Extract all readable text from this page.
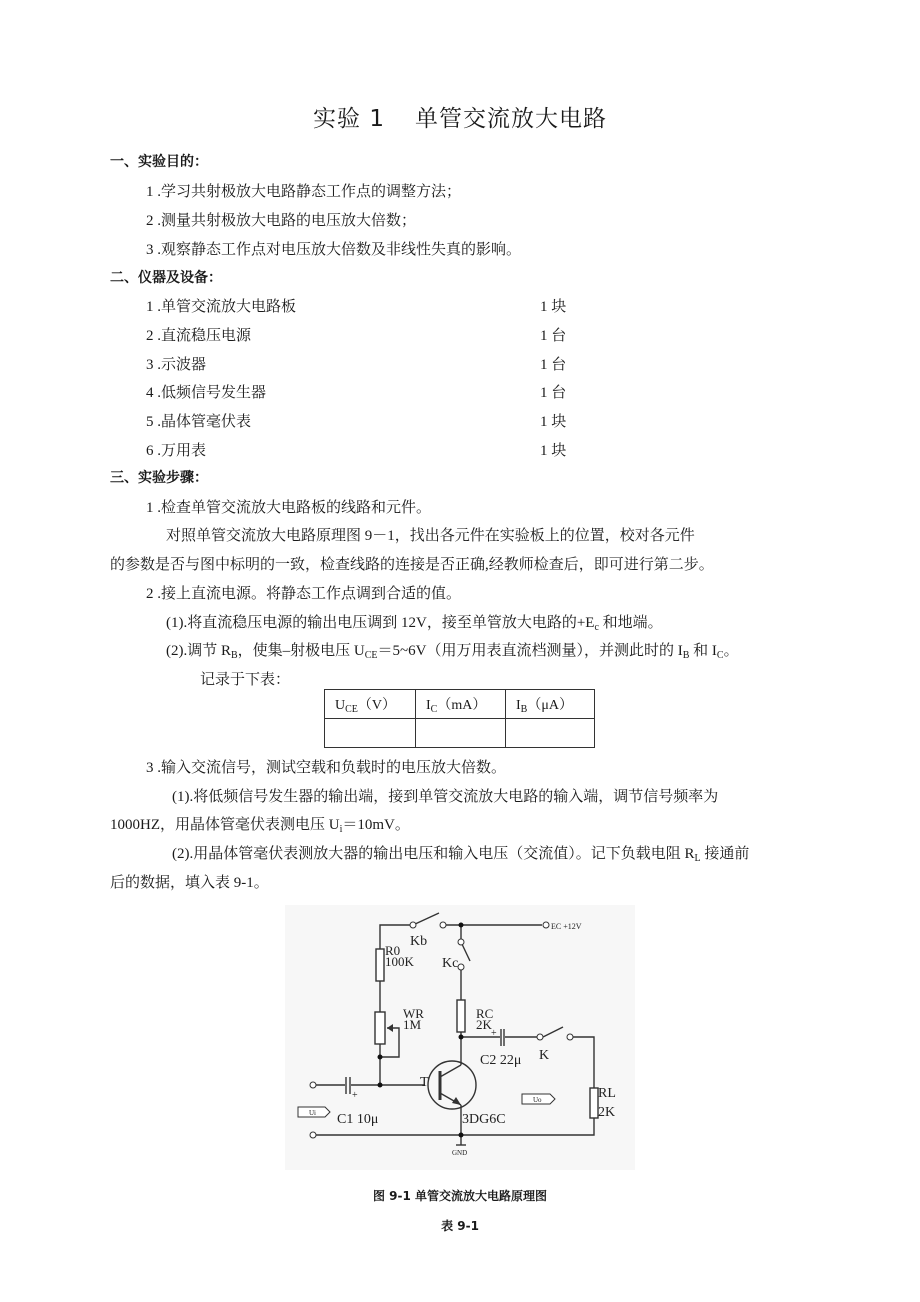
实验 1 单管交流放大电路
一、实验目的：
1 .学习共射极放大电路静态工作点的调整方法；
2 .测量共射极放大电路的电压放大倍数；
3 .观察静态工作点对电压放大倍数及非线性失真的影响。
二、仪器及设备：
1 .单管交流放大电路板	1 块
2 .直流稳压电源	1 台
3 .示波器	1 台
4 .低频信号发生器	1 台
5 .晶体管毫伏表	1 块
6 .万用表	1 块
三、实验步骤：
1 .检查单管交流放大电路板的线路和元件。
对照单管交流放大电路原理图 9－1，找出各元件在实验板上的位置，校对各元件
的参数是否与图中标明的一致，检查线路的连接是否正确,经教师检查后，即可进行第二步。
2 .接上直流电源。将静态工作点调到合适的值。
(1).将直流稳压电源的输出电压调到 12V，接至单管放大电路的$+E_c$ 和地端。
(2).调节 $R_B$，使集–射极电压 $U_{CE}=5\sim 6V$（用万用表直流档测量），并测此时的 $I_B$ 和 $I_C$。
记录于下表：
$U_{CE}(V)$	$I_C(mA)$	$I_B(\mu A)$

3 .输入交流信号，测试空载和负载时的电压放大倍数。
(1).将低频信号发生器的输出端，接到单管交流放大电路的输入端，调节信号频率为
1000HZ，用晶体管毫伏表测电压 $U_i=10mV$。
(2).用晶体管毫伏表测放大器的输出电压和输入电压（交流值）。记下负载电阻 $R_L$ 接通前
后的数据，填入表 9-1。
EC +12V
Kb
R0
100K Kc
WR
1M
RC
2K
+
C2 22μ K
T
+
C1 10μ	3DG6C
RL
2K
Ui
Uo
GND
图 9-1 单管交流放大电路原理图
表 9-1
